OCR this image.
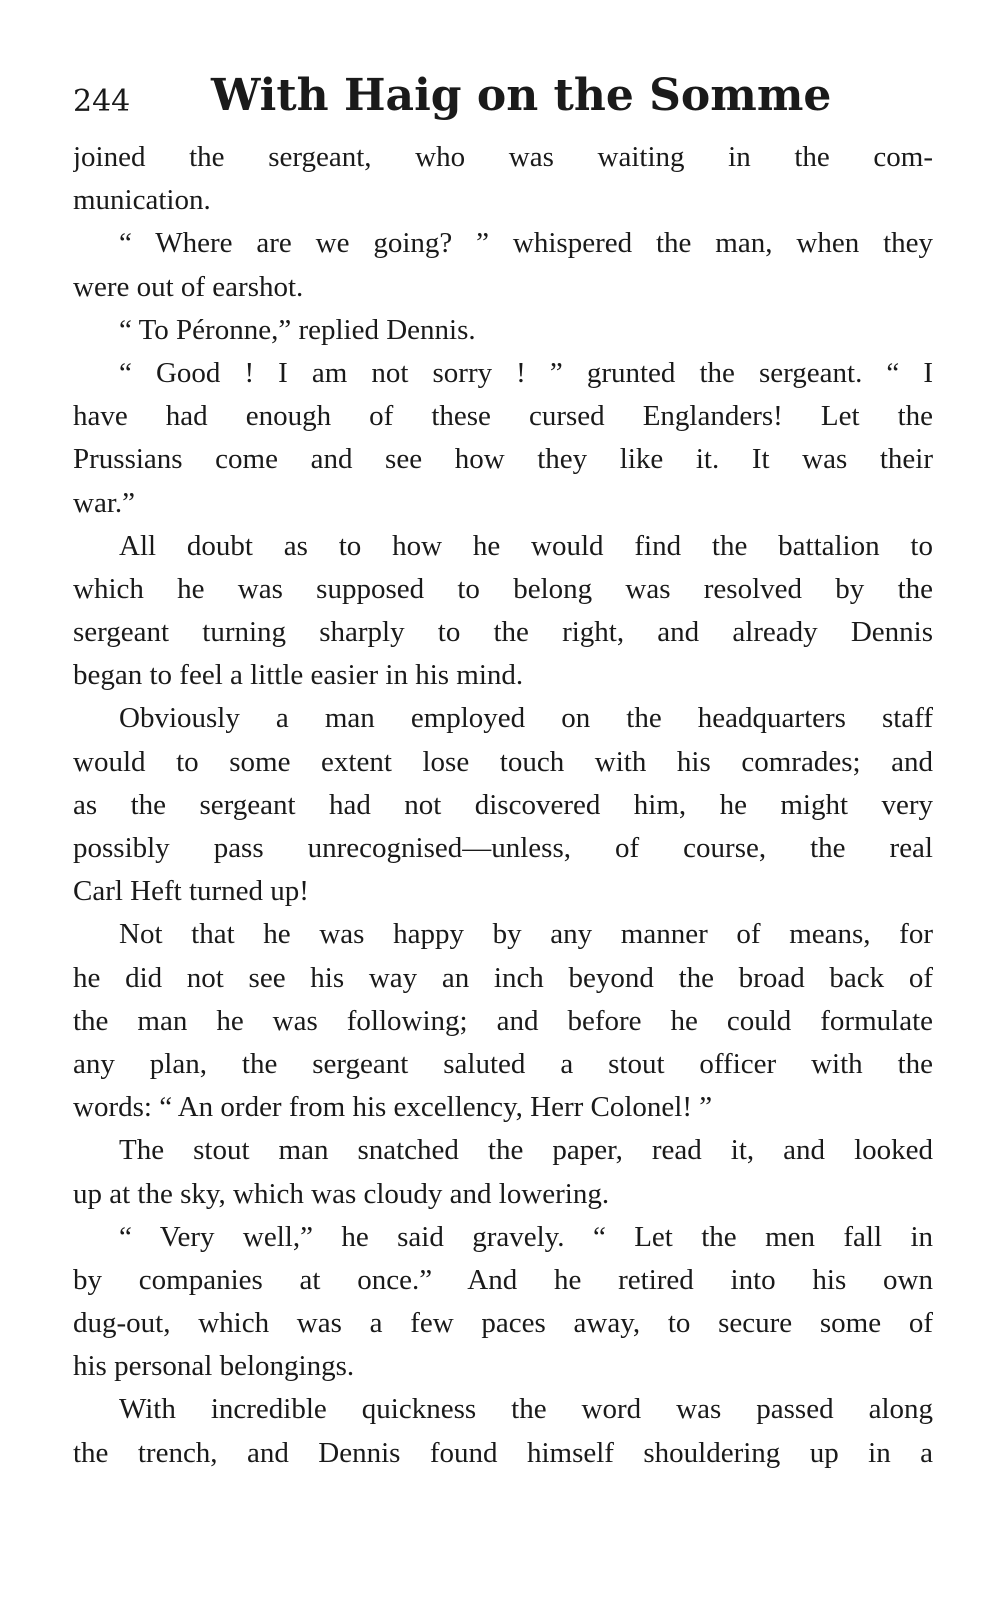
244 With Haig on the Somme
joined the sergeant, who was waiting in the com-
munication.
“ Where are we going? ” whispered the man, when they
were out of earshot.
“ To Péronne,” replied Dennis.
“ Good ! I am not sorry ! ” grunted the sergeant. “ I
have had enough of these cursed Englanders! Let the
Prussians come and see how they like it. It was their
war.”
All doubt as to how he would find the battalion to
which he was supposed to belong was resolved by the
sergeant turning sharply to the right, and already Dennis
began to feel a little easier in his mind.
Obviously a man employed on the headquarters staff
would to some extent lose touch with his comrades; and
as the sergeant had not discovered him, he might very
possibly pass unrecognised—unless, of course, the real
Carl Heft turned up!
Not that he was happy by any manner of means, for
he did not see his way an inch beyond the broad back of
the man he was following; and before he could formulate
any plan, the sergeant saluted a stout officer with the
words: “ An order from his excellency, Herr Colonel! ”
The stout man snatched the paper, read it, and looked
up at the sky, which was cloudy and lowering.
“ Very well,” he said gravely. “ Let the men fall in
by companies at once.” And he retired into his own
dug-out, which was a few paces away, to secure some of
his personal belongings.
With incredible quickness the word was passed along
the trench, and Dennis found himself shouldering up in a
